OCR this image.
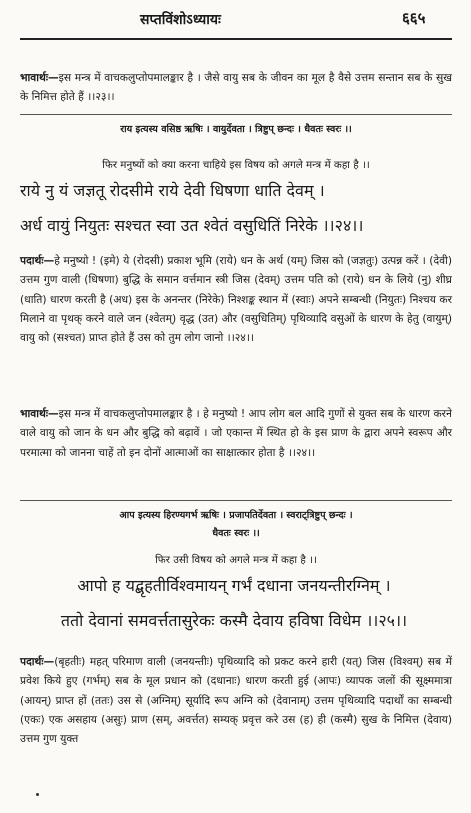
सप्तविंशोऽध्यायः	६६५

भावार्थः—इस मन्त्र में वाचकलुप्तोपमालङ्कार है । जैसे वायु सब के जीवन का मूल है वैसे उत्तम सन्तान सब के सुख के निमित्त होते हैं ।।२३।।

राय इत्यस्य वसिष्ठ ऋषिः । वायुर्देवता । त्रिष्टुप् छन्दः । धैवतः स्वरः ।।

फिर मनुष्यों को क्या करना चाहिये इस विषय को अगले मन्त्र में कहा है ।।

राये नु यं जज्ञतू रोदसीमे राये देवी धिषणा धाति देवम् ।

अर्ध वायुं नियुतः सश्चत स्वा उत श्वेतं वसुधितिं निरेके ।।२४।।

पदार्थः—हे मनुष्यो ! (इमे) ये (रोदसी) प्रकाश भूमि (राये) धन के अर्थ (यम्) जिस को (जज्ञतुः) उत्पन्न करें । (देवी) उत्तम गुण वाली (धिषणा) बुद्धि के समान वर्त्तमान स्त्री जिस (देवम्) उत्तम पति को (राये) धन के लिये (नु) शीघ्र (धाति) धारण करती है (अध) इस के अनन्तर (निरेके) निश्शङ्क स्थान में (स्वाः) अपने सम्बन्धी (नियुतः) निश्चय कर मिलाने वा पृथक् करने वाले जन (श्वेतम्) वृद्ध (उत) और (वसुधितिम्) पृथिव्यादि वसुओं के धारण के हेतु (वायुम्) वायु को (सश्चत) प्राप्त होते हैं उस को तुम लोग जानो ।।२४।।

भावार्थः—इस मन्त्र में वाचकलुप्तोपमालङ्कार है । हे मनुष्यो ! आप लोग बल आदि गुणों से युक्त सब के धारण करने वाले वायु को जान के धन और बुद्धि को बढ़ावें । जो एकान्त में स्थित हो के इस प्राण के द्वारा अपने स्वरूप और परमात्मा को जानना चाहें तो इन दोनों आत्माओं का साक्षात्कार होता है ।।२४।।

आप इत्यस्य हिरण्यगर्भ ऋषिः । प्रजापतिर्देवता । स्वराट्त्रिष्टुप् छन्दः ।

धैवतः स्वरः ।।

फिर उसी विषय को अगले मन्त्र में कहा है ।।

आपो ह यद्बृहतीर्विश्वमायन् गर्भं दधाना जनयन्तीरग्निम् ।

ततो देवानां समवर्त्ततासुरेकः कस्मै देवाय हविषा विधेम ।।२५।।

पदार्थः—(बृहतीः) महत् परिमाण वाली (जनयन्तीः) पृथिव्यादि को प्रकट करने हारी (यत्) जिस (विश्वम्) सब में प्रवेश किये हुए (गर्भम्) सब के मूल प्रधान को (दधानाः) धारण करती हुई (आपः) व्यापक जलों की सूक्ष्ममात्रा (आयन्) प्राप्त हों (ततः) उस से (अग्निम्) सूर्यादि रूप अग्नि को (देवानाम्) उत्तम पृथिव्यादि पदार्थों का सम्बन्धी (एकः) एक असहाय (असुः) प्राण (सम्, अवर्त्तत) सम्यक् प्रवृत्त करे उस (ह) ही (कस्मै) सुख के निमित्त (देवाय) उत्तम गुण युक्त
